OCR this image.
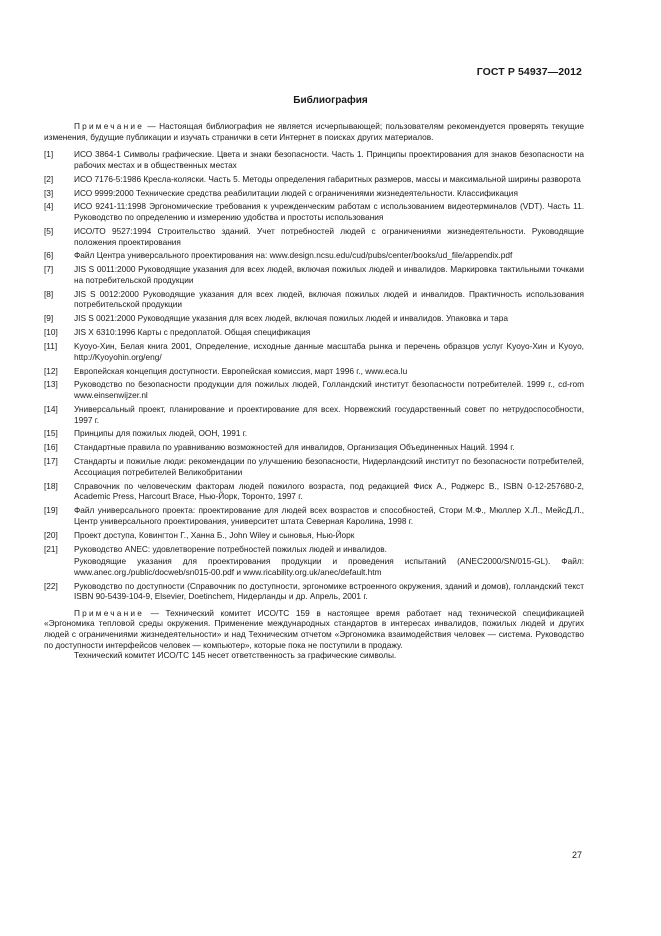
ГОСТ Р 54937—2012
Библиография

Примечание — Настоящая библиография не является исчерпывающей; пользователям рекомендуется проверять текущие изменения, будущие публикации и изучать странички в сети Интернет в поисках других материалов.

[1]	ИСО 3864-1 Символы графические. Цвета и знаки безопасности. Часть 1. Принципы проектирования для знаков безопасности на рабочих местах и в общественных местах

[2]	ИСО 7176-5:1986 Кресла-коляски. Часть 5. Методы определения габаритных размеров, массы и максимальной ширины разворота

[3]	ИСО 9999:2000 Технические средства реабилитации людей с ограничениями жизнедеятельности. Классификация

[4]	ИСО 9241-11:1998 Эргономические требования к учрежденческим работам с использованием видеотерминалов (VDT). Часть 11. Руководство по определению и измерению удобства и простоты использования

[5]	ИСО/ТО 9527:1994 Строительство зданий. Учет потребностей людей с ограничениями жизнедеятельности. Руководящие положения проектирования

[6]	Файл Центра универсального проектирования на: www.design.ncsu.edu/cud/pubs/center/books/ud_file/appendix.pdf

[7]	JIS S 0011:2000 Руководящие указания для всех людей, включая пожилых людей и инвалидов. Маркировка тактильными точками на потребительской продукции

[8]	JIS S 0012:2000 Руководящие указания для всех людей, включая пожилых людей и инвалидов. Практичность использования потребительской продукции

[9]	JIS S 0021:2000 Руководящие указания для всех людей, включая пожилых людей и инвалидов. Упаковка и тара

[10]	JIS X 6310:1996 Карты с предоплатой. Общая спецификация

[11]	Kyoyo-Хин, Белая книга 2001, Определение, исходные данные масштаба рынка и перечень образцов услуг Kyoyo-Хин и Kyoyo, http://Kyoyohin.org/eng/

[12]	Европейская концепция доступности. Европейская комиссия, март 1996 г., www.eca.lu

[13]	Руководство по безопасности продукции для пожилых людей, Голландский институт безопасности потребителей. 1999 г., cd-rom www.einsenwijzer.nl

[14]	Универсальный проект, планирование и проектирование для всех. Норвежский государственный совет по нетрудоспособности, 1997 г.

[15]	Принципы для пожилых людей, ООН, 1991 г.

[16]	Стандартные правила по уравниванию возможностей для инвалидов, Организация Объединенных Наций. 1994 г.

[17]	Стандарты и пожилые люди: рекомендации по улучшению безопасности, Нидерландский институт по безопасности потребителей, Ассоциация потребителей Великобритании

[18]	Справочник по человеческим факторам людей пожилого возраста, под редакцией Фиск А., Роджерс В., ISBN 0-12-257680-2, Academic Press, Harcourt Brace, Нью-Йорк, Торонто, 1997 г.

[19]	Файл универсального проекта: проектирование для людей всех возрастов и способностей, Стори М.Ф., Мюллер Х.Л., МейсД.Л., Центр универсального проектирования, университет штата Северная Каролина, 1998 г.

[20]	Проект доступа, Ковингтон Г., Ханна Б., John Wiley и сыновья, Нью-Йорк

[21]	Руководство ANEC: удовлетворение потребностей пожилых людей и инвалидов.

Руководящие указания для проектирования продукции и проведения испытаний (ANEC2000/SN/015-GL). Файл: www.anec.org./public/docweb/sn015-00.pdf и www.ricability.org.uk/anec/default.htm

[22]	Руководство по доступности (Справочник по доступности, эргономике встроенного окружения, зданий и домов), голландский текст ISBN 90-5439-104-9, Elsevier, Doetinchem, Нидерланды и др. Апрель, 2001 г.

Примечание — Технический комитет ИСО/ТС 159 в настоящее время работает над технической спецификацией «Эргономика тепловой среды окружения. Применение международных стандартов в интересах инвалидов, пожилых людей и других людей с ограничениями жизнедеятельности» и над Техническим отчетом «Эргономика взаимодействия человек — система. Руководство по доступности интерфейсов человек — компьютер», которые пока не поступили в продажу.

Технический комитет ИСО/ТС 145 несет ответственность за графические символы.

27
